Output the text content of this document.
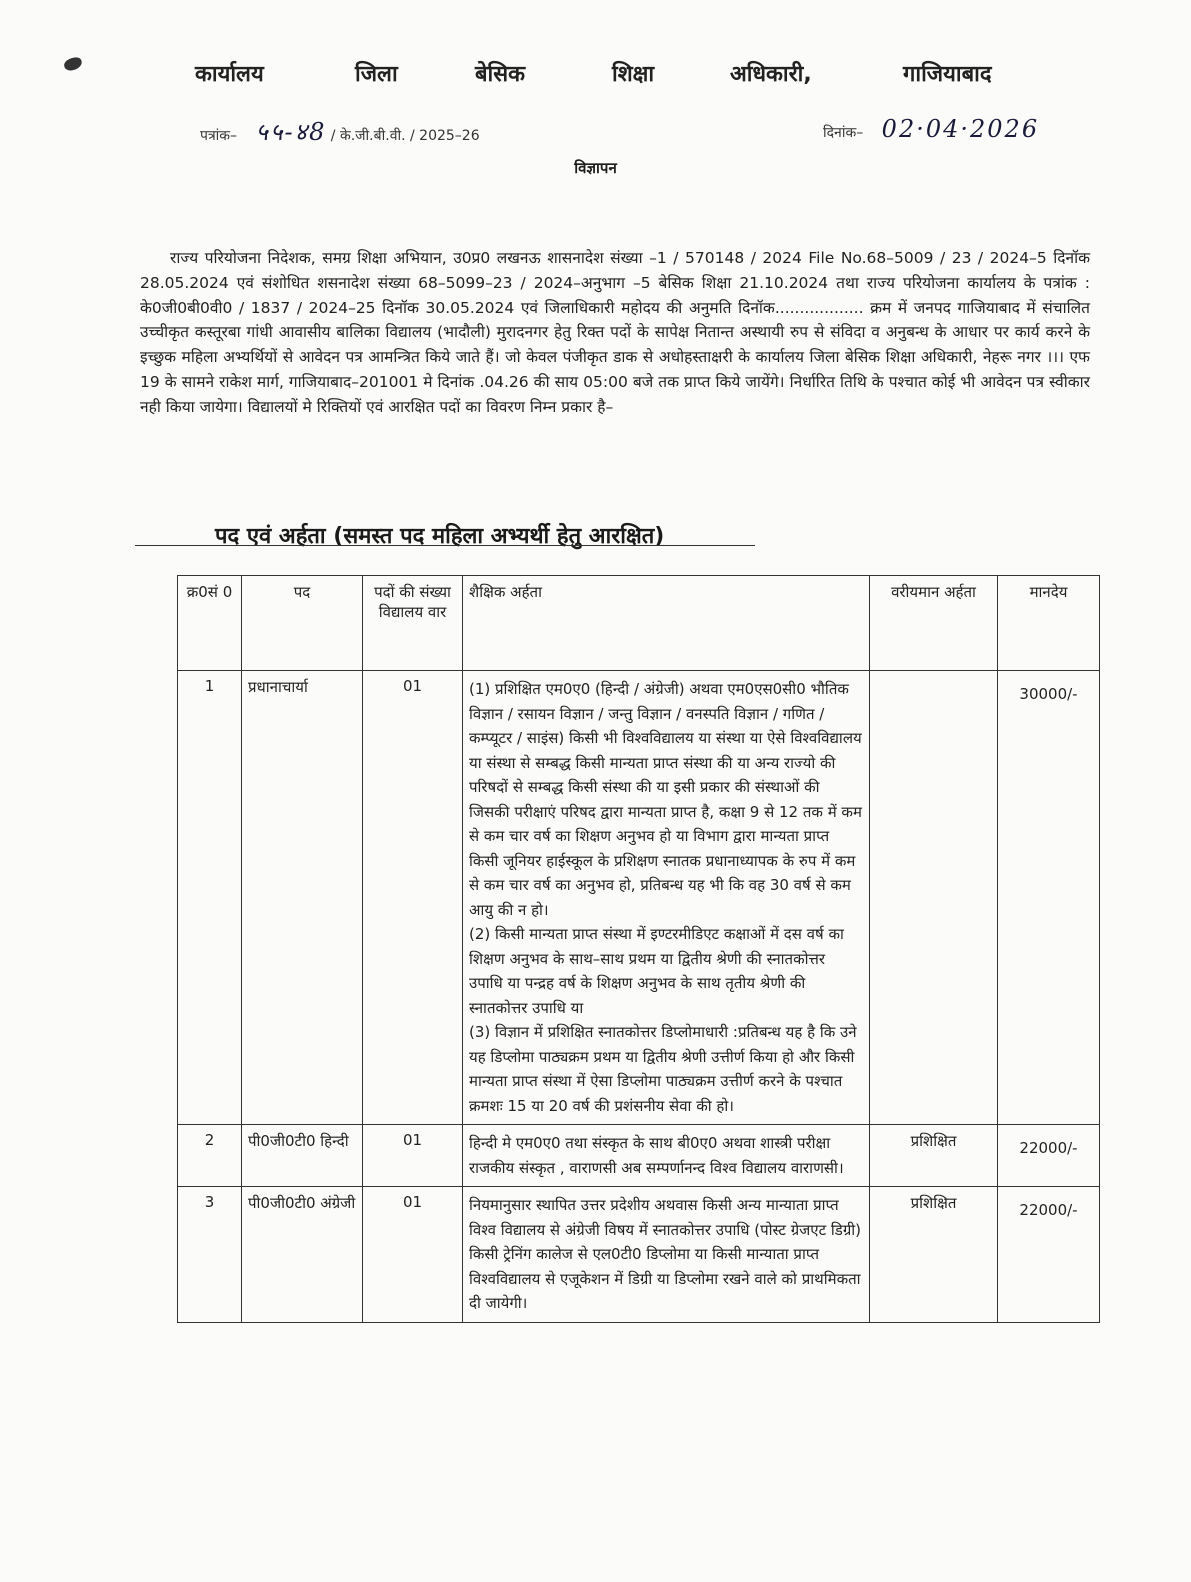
कार्यालय	जिला	बेसिक	शिक्षा	अधिकारी,	गाजियाबाद
पत्रांक– ५५-४8 / के.जी.बी.वी. / 2025–26	दिनांक– 02·04·2026
विज्ञापन
राज्य परियोजना निदेशक, समग्र शिक्षा अभियान, उ0प्र0 लखनऊ शासनादेश संख्या –1 / 570148 / 2024 File No.68–5009 / 23 / 2024–5 दिनॉक 28.05.2024 एवं संशोधित शसनादेश संख्या 68–5099–23 / 2024–अनुभाग –5 बेसिक शिक्षा 21.10.2024 तथा राज्य परियोजना कार्यालय के पत्रांक : के0जी0बी0वी0 / 1837 / 2024–25 दिनॉक 30.05.2024 एवं जिलाधिकारी महोदय की अनुमति दिनॉक.................. क्रम में जनपद गाजियाबाद में संचालित उच्चीकृत कस्तूरबा गांधी आवासीय बालिका विद्यालय (भादौली) मुरादनगर हेतु रिक्त पदों के सापेक्ष नितान्त अस्थायी रुप से संविदा व अनुबन्ध के आधार पर कार्य करने के इच्छुक महिला अभ्यर्थियों से आवेदन पत्र आमन्त्रित किये जाते हैं। जो केवल पंजीकृत डाक से अधोहस्ताक्षरी के कार्यालय जिला बेसिक शिक्षा अधिकारी, नेहरू नगर ।।। एफ 19 के सामने राकेश मार्ग, गाजियाबाद–201001 मे दिनांक .04.26 की साय 05:00 बजे तक प्राप्त किये जायेंगे। निर्धारित तिथि के पश्चात कोई भी आवेदन पत्र स्वीकार नही किया जायेगा। विद्यालयों मे रिक्तियों एवं आरक्षित पदों का विवरण निम्न प्रकार है–
पद एवं अर्हता (समस्त पद महिला अभ्यर्थी हेतु आरक्षित)
क्र0सं 0	पद	पदों की संख्या विद्यालय वार	शैक्षिक अर्हता	वरीयमान अर्हता	मानदेय
1	प्रधानाचार्या	01	(1) प्रशिक्षित एम0ए0 (हिन्दी / अंग्रेजी) अथवा एम0एस0सी0 भौतिक विज्ञान / रसायन विज्ञान / जन्तु विज्ञान / वनस्पति विज्ञान / गणित / कम्प्यूटर / साइंस) किसी भी विश्वविद्यालय या संस्था या ऐसे विश्वविद्यालय या संस्था से सम्बद्ध किसी मान्यता प्राप्त संस्था की या अन्य राज्यो की परिषदों से सम्बद्ध किसी संस्था की या इसी प्रकार की संस्थाओं की जिसकी परीक्षाएं परिषद द्वारा मान्यता प्राप्त है, कक्षा 9 से 12 तक में कम से कम चार वर्ष का शिक्षण अनुभव हो या विभाग द्वारा मान्यता प्राप्त किसी जूनियर हाईस्कूल के प्रशिक्षण स्नातक प्रधानाध्यापक के रुप में कम से कम चार वर्ष का अनुभव हो, प्रतिबन्ध यह भी कि वह 30 वर्ष से कम आयु की न हो।
(2) किसी मान्यता प्राप्त संस्था में इण्टरमीडिएट कक्षाओं में दस वर्ष का शिक्षण अनुभव के साथ–साथ प्रथम या द्वितीय श्रेणी की स्नातकोत्तर उपाधि या पन्द्रह वर्ष के शिक्षण अनुभव के साथ तृतीय श्रेणी की स्नातकोत्तर उपाधि या
(3) विज्ञान में प्रशिक्षित स्नातकोत्तर डिप्लोमाधारी :प्रतिबन्ध यह है कि उने यह डिप्लोमा पाठ्यक्रम प्रथम या द्वितीय श्रेणी उत्तीर्ण किया हो और किसी मान्यता प्राप्त संस्था में ऐसा डिप्लोमा पाठ्यक्रम उत्तीर्ण करने के पश्चात क्रमशः 15 या 20 वर्ष की प्रशंसनीय सेवा की हो।		30000/-
2	पी0जी0टी0 हिन्दी	01	हिन्दी मे एम0ए0 तथा संस्कृत के साथ बी0ए0 अथवा शास्त्री परीक्षा राजकीय संस्कृत , वाराणसी अब सम्पर्णानन्द विश्व विद्यालय वाराणसी।	प्रशिक्षित	22000/-
3	पी0जी0टी0 अंग्रेजी	01	नियमानुसार स्थापित उत्तर प्रदेशीय अथवास किसी अन्य मान्याता प्राप्त विश्व विद्यालय से अंग्रेजी विषय में स्नातकोत्तर उपाधि (पोस्ट ग्रेजएट डिग्री) किसी ट्रेनिंग कालेज से एल0टी0 डिप्लोमा या किसी मान्याता प्राप्त विश्वविद्यालय से एजूकेशन में डिग्री या डिप्लोमा रखने वाले को प्राथमिकता दी जायेगी।	प्रशिक्षित	22000/-
